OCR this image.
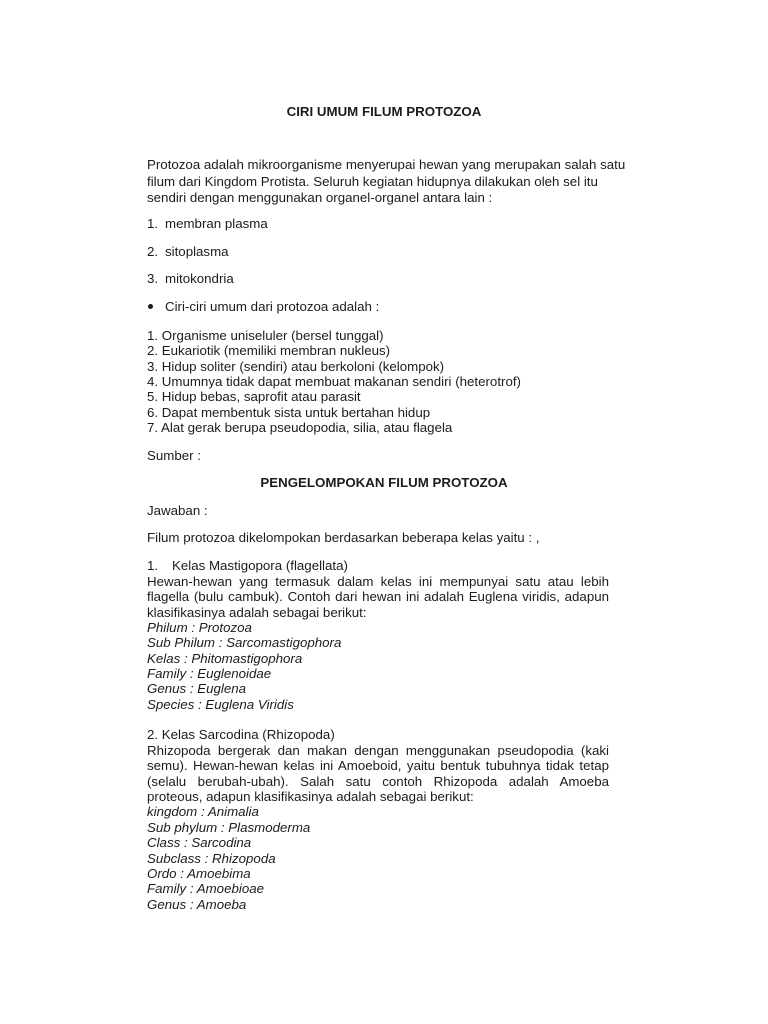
CIRI UMUM FILUM PROTOZOA
Protozoa adalah mikroorganisme menyerupai hewan yang merupakan salah satu
filum dari Kingdom Protista. Seluruh kegiatan hidupnya dilakukan oleh sel itu
sendiri dengan menggunakan organel-organel antara lain :
1. membran plasma
2. sitoplasma
3. mitokondria
Ciri-ciri umum dari protozoa adalah :
1. Organisme uniseluler (bersel tunggal)
2. Eukariotik (memiliki membran nukleus)
3. Hidup soliter (sendiri) atau berkoloni (kelompok)
4. Umumnya tidak dapat membuat makanan sendiri (heterotrof)
5. Hidup bebas, saprofit atau parasit
6. Dapat membentuk sista untuk bertahan hidup
7. Alat gerak berupa pseudopodia, silia, atau flagela
Sumber :
PENGELOMPOKAN FILUM PROTOZOA
Jawaban :
Filum protozoa dikelompokan berdasarkan beberapa kelas yaitu : ,
1. Kelas Mastigopora (flagellata)

Hewan-hewan yang termasuk dalam kelas ini mempunyai satu atau lebih flagella (bulu cambuk). Contoh dari hewan ini adalah Euglena viridis, adapun klasifikasinya adalah sebagai berikut:

Philum : Protozoa
Sub Philum : Sarcomastigophora
Kelas : Phitomastigophora
Family : Euglenoidae
Genus : Euglena
Species : Euglena Viridis
2. Kelas Sarcodina (Rhizopoda)

Rhizopoda bergerak dan makan dengan menggunakan pseudopodia (kaki semu). Hewan-hewan kelas ini Amoeboid, yaitu bentuk tubuhnya tidak tetap (selalu berubah-ubah). Salah satu contoh Rhizopoda adalah Amoeba proteous, adapun klasifikasinya adalah sebagai berikut:

kingdom : Animalia
Sub phylum : Plasmoderma
Class : Sarcodina
Subclass : Rhizopoda
Ordo : Amoebima
Family : Amoebioae
Genus : Amoeba
